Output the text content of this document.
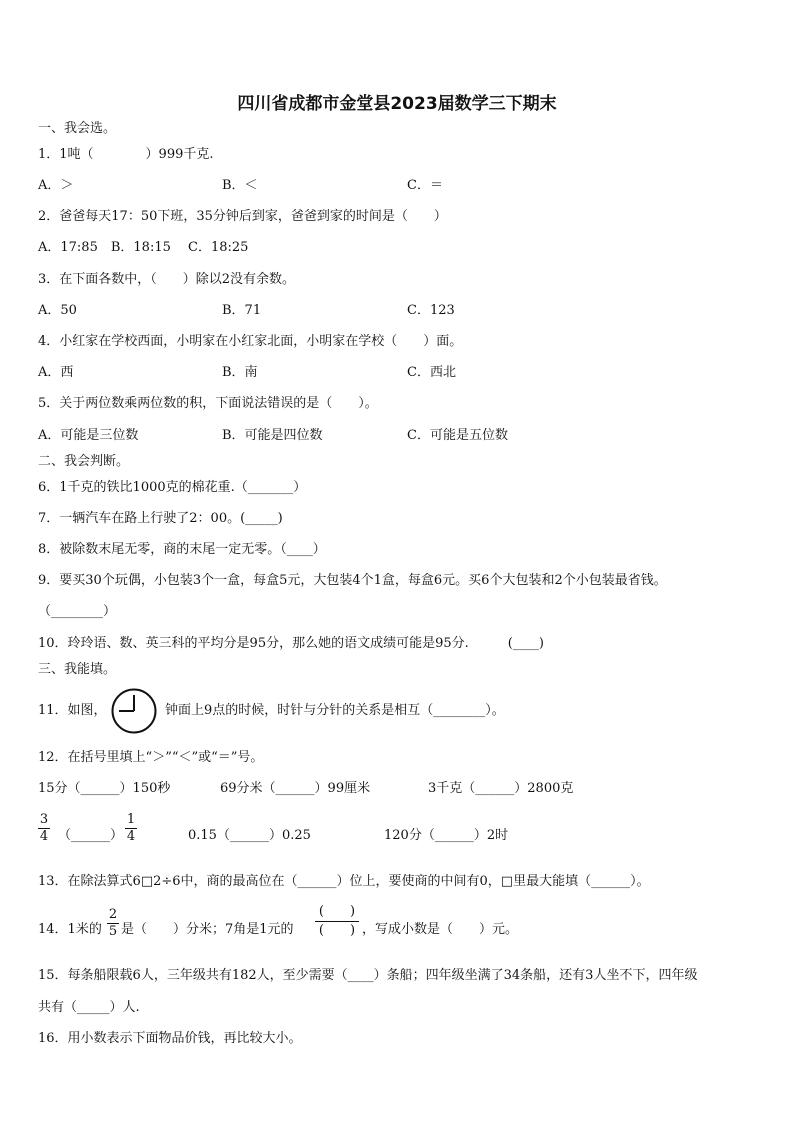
四川省成都市金堂县2023届数学三下期末
一、我会选。
1．1吨（　　　　）999千克.
A．＞	B．＜	C．＝
2．爸爸每天17：50下班，35分钟后到家，爸爸到家的时间是（　　）
A．17:85　B．18:15　 C．18:25
3．在下面各数中，（　　）除以2没有余数。
A．50	B．71	C．123
4．小红家在学校西面，小明家在小红家北面，小明家在学校（　　）面。
A．西	B．南	C．西北
5．关于两位数乘两位数的积，下面说法错误的是（　　）。
A．可能是三位数	B．可能是四位数	C．可能是五位数
二、我会判断。
6．1千克的铁比1000克的棉花重.（_______）
7．一辆汽车在路上行驶了2：00。(_____)
8．被除数末尾无零，商的末尾一定无零。（____）
9．要买30个玩偶，小包装3个一盒，每盒5元，大包装4个1盒，每盒6元。买6个大包装和2个小包装最省钱。
（________）
10．玲玲语、数、英三科的平均分是95分，那么她的语文成绩可能是95分.　　　(____)
三、我能填。
11．如图，	钟面上9点的时候，时针与分针的关系是相互（________）。
12．在括号里填上“＞”“＜”或“＝”号。
15分（______）150秒	69分米（______）99厘米	3千克（______）2800克
3
4 （______）
1
4	0.15（______）0.25	120分（______）2时
13．在除法算式6□2÷6中，商的最高位在（______）位上，要使商的中间有0，□里最大能填（______）。
14．1米的
2
5 是（　　）分米；7角是1元的
(　　)
(　　) ，写成小数是（　　）元。
15．每条船限载6人，三年级共有182人，至少需要（____）条船；四年级坐满了34条船，还有3人坐不下，四年级
共有（_____）人.
16．用小数表示下面物品价钱，再比较大小。
